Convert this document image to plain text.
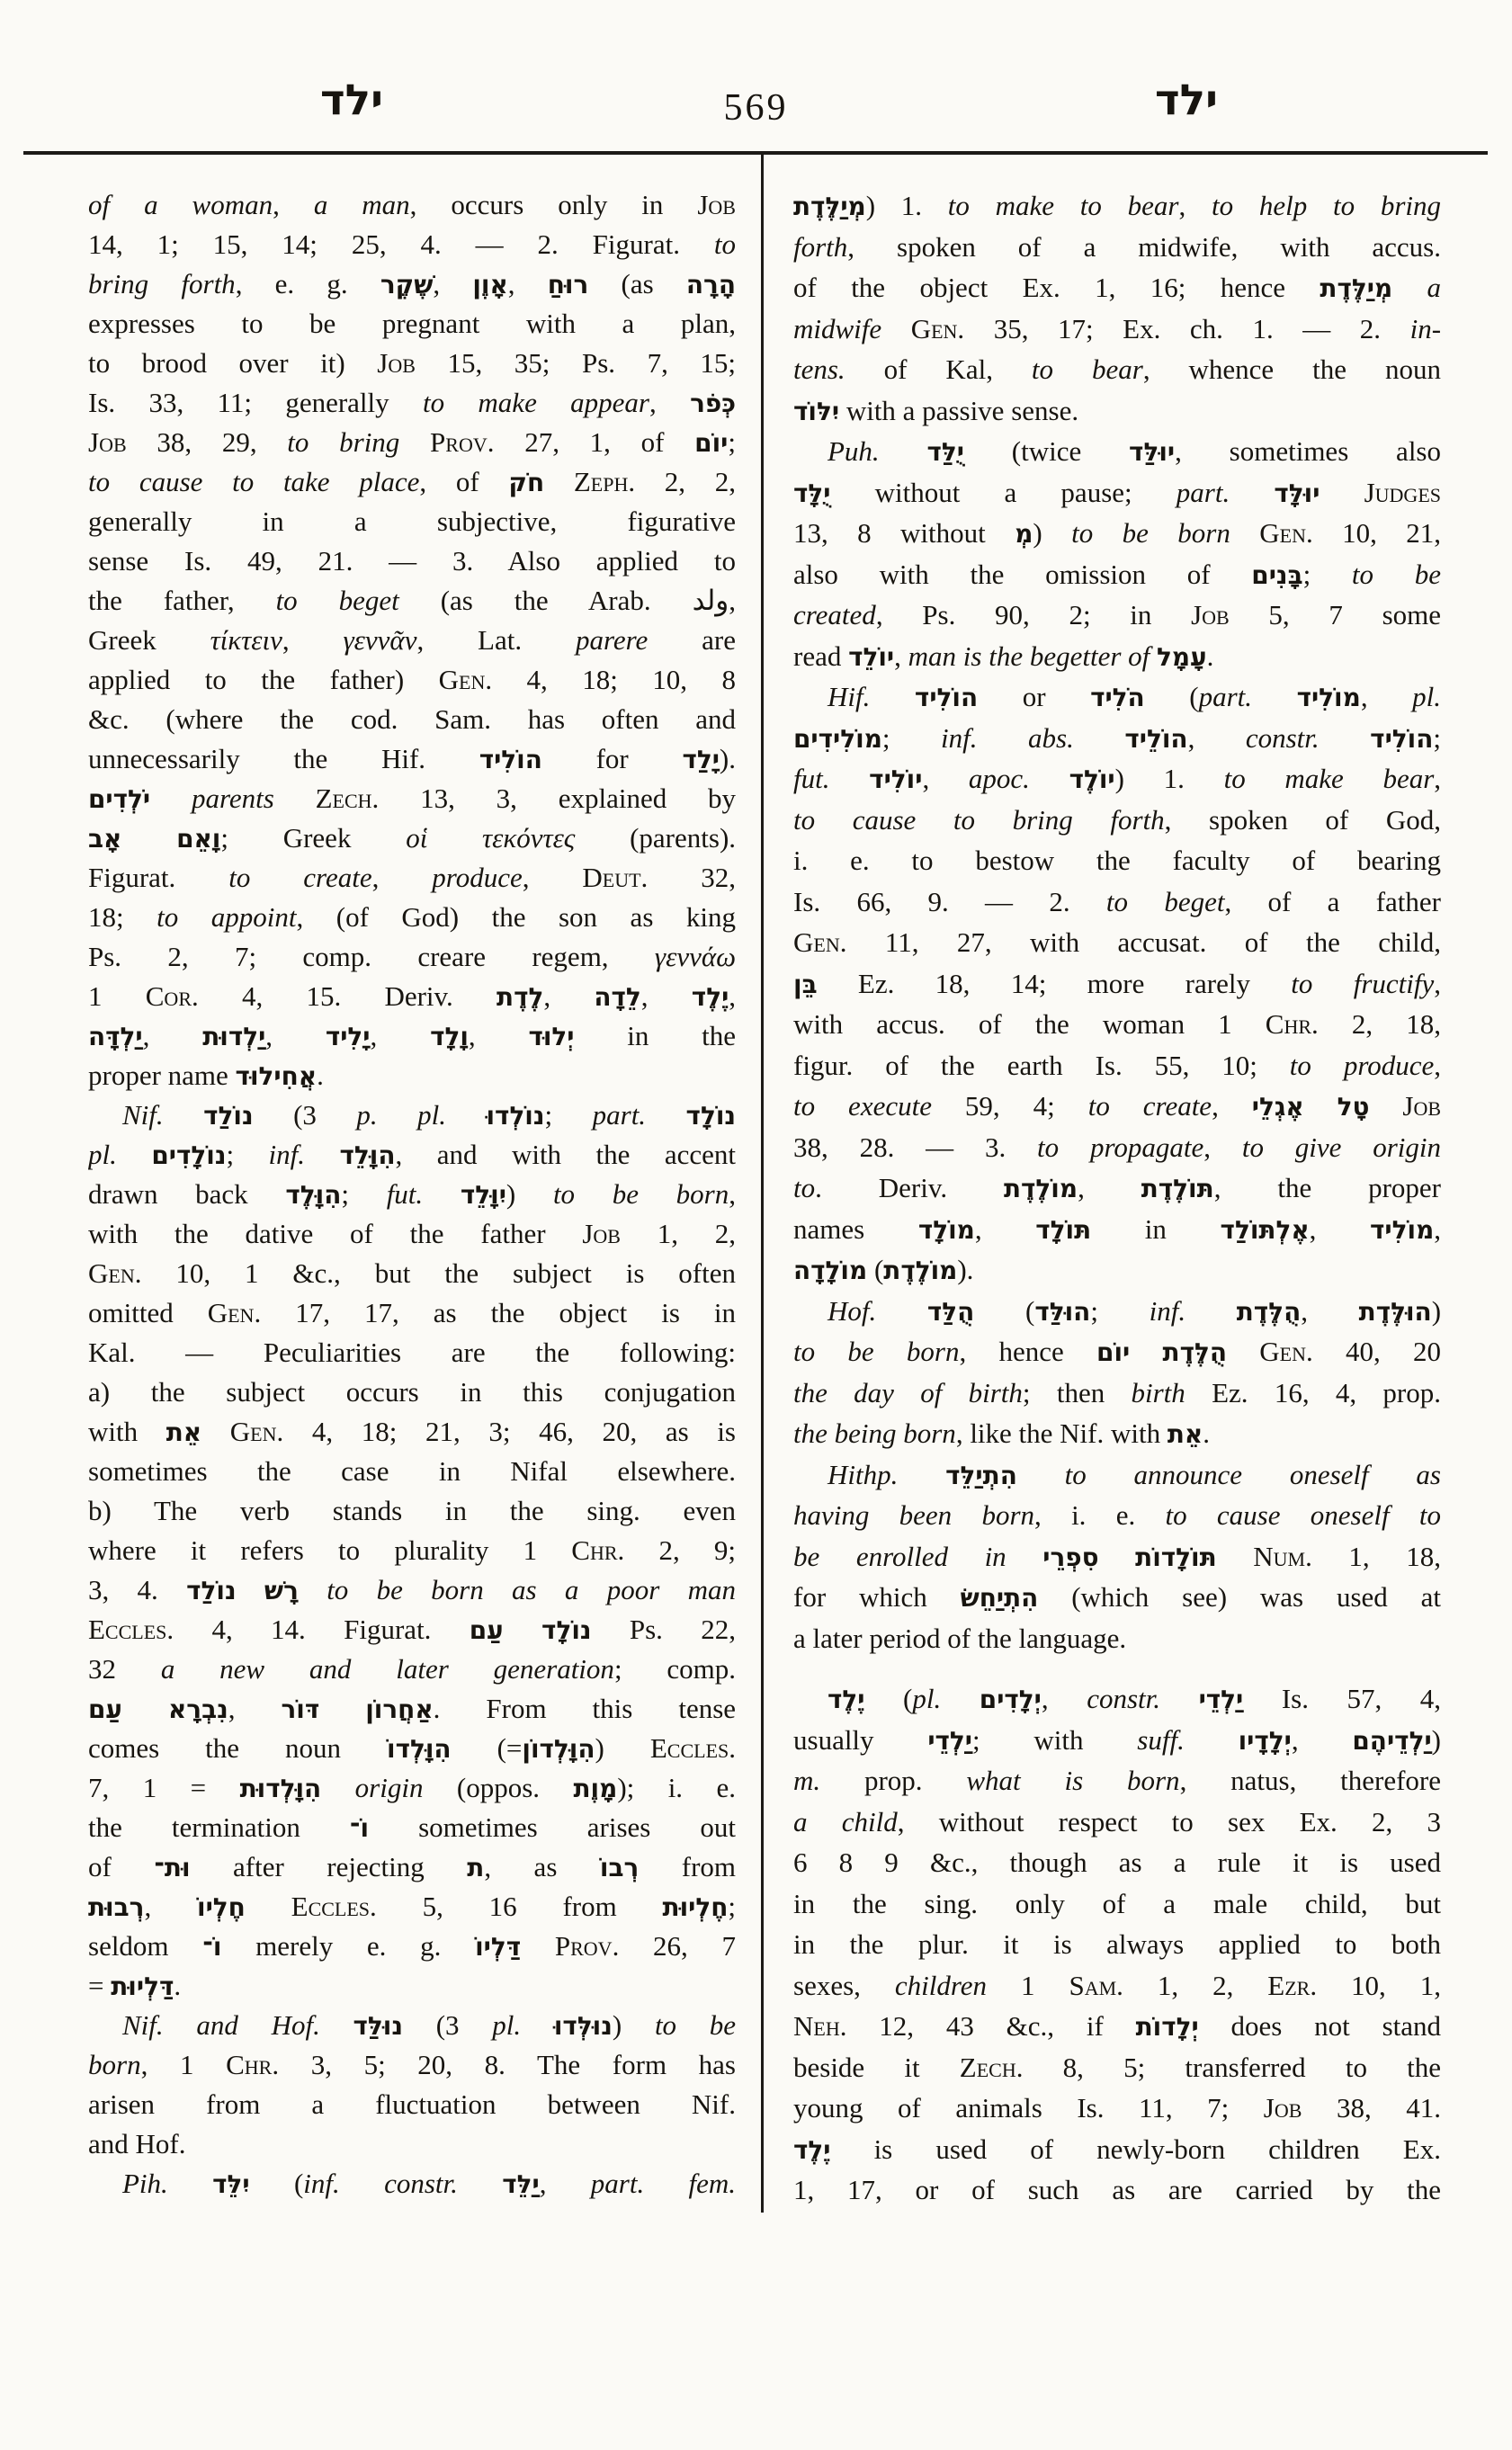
ילד	569	ילד
of a woman, a man, occurs only in Job
14, 1; 15, 14; 25, 4. — 2. Figurat. to
bring forth, e. g. שֶׁקֶר‎, אָוֶן‎, רוּחַ‎ (as הָרָה
expresses to be pregnant with a plan,
to brood over it) Job 15, 35; Ps. 7, 15;
Is. 33, 11; generally to make appear, כְּפֹר
Job 38, 29, to bring Prov. 27, 1, of יוֹם‎;
to cause to take place, of חֹק‎ Zeph. 2, 2,
generally in a subjective, figurative
sense Is. 49, 21. — 3. Also applied to
the father, to beget (as the Arab. ولد,
Greek τίκτειν, γεννᾶν, Lat. parere are
applied to the father) Gen. 4, 18; 10, 8
&c. (where the cod. Sam. has often and
unnecessarily the Hif. הוֹלִיד‎ for יָלַד‎).
יֹלְדִים‎ parents Zech. 13, 3, explained by
אָב‎ וָאֵם‎; Greek οἱ τεκόντες (parents).
Figurat. to create, produce, Deut. 32,
18; to appoint, (of God) the son as king
Ps. 2, 7; comp. creare regem, γεννάω
1 Cor. 4, 15. Deriv. לֶדֶת‎, לֵדָה‎, יֶלֶד‎,
יַלְדָּה‎, יַלְדוּת‎, יָלִיד‎, וָלָד‎, יְלוּד‎ in the
proper name אֲחִילוּד‎.
Nif. נוֹלַד‎ (3 p. pl. נוֹלְדוּ‎; part. נוֹלָד
pl. נוֹלָדִים‎; inf. הִוָּלֵד‎, and with the accent
drawn back הִוָּלֶד‎; fut. יִוָּלֵד‎) to be born,
with the dative of the father Job 1, 2,
Gen. 10, 1 &c., but the subject is often
omitted Gen. 17, 17, as the object is in
Kal. — Peculiarities are the following:
a) the subject occurs in this conjugation
with אֵת‎ Gen. 4, 18; 21, 3; 46, 20, as is
sometimes the case in Nifal elsewhere.
b) The verb stands in the sing. even
where it refers to plurality 1 Chr. 2, 9;
3, 4. נוֹלַד‎ רָשׁ‎ to be born as a poor man
Eccles. 4, 14. Figurat. עַם‎ נוֹלָד‎ Ps. 22,
32 a new and later generation; comp.
עַם‎ נִבְרָא‎, דּוֹר‎ אַחֲרוֹן‎. From this tense
comes the noun הִוָּלְדוֹ‎ (=הִוָּלְדוֹן‎) Eccles.
7, 1 = הִוָּלְדוּת‎ origin (oppos. מָוֶת‎); i. e.
the termination וֹ־‎ sometimes arises out
of וּת־‎ after rejecting ת‎, as רְבוֹ‎ from
רְבוּת‎, חֶלְיוֹ‎ Eccles. 5, 16 from חֶלְיוּת‎;
seldom וֹ־‎ merely e. g. דַּלְיוֹ‎ Prov. 26, 7
= דַּלְיוּת‎.
Nif. and Hof. נוּלַּד‎ (3 pl. נוּלְּדוּ‎) to be
born, 1 Chr. 3, 5; 20, 8. The form has
arisen from a fluctuation between Nif.
and Hof.
Pih. יִלֵּד‎ (inf. constr. יַלֵּד‎, part. fem.
מְיַלֶּדֶת‎) 1. to make to bear, to help to bring
forth, spoken of a midwife, with accus.
of the object Ex. 1, 16; hence מְיַלֶּדֶת‎ a
midwife Gen. 35, 17; Ex. ch. 1. — 2. in-
tens. of Kal, to bear, whence the noun
יִלּוֹד‎ with a passive sense.
Puh. יֻלַּד‎ (twice יוּלַּד‎, sometimes also
יֻלָּד‎ without a pause; part. יוּלָּד‎ Judges
13, 8 without מְ‎) to be born Gen. 10, 21,
also with the omission of בָּנִים‎; to be
created, Ps. 90, 2; in Job 5, 7 some
read יוֹלֵד‎, man is the begetter of עָמָל‎.
Hif. הוֹלִיד‎ or הֹלִיד‎ (part. מוֹלִיד‎, pl.
מוֹלִידִים‎; inf. abs. הוֹלֵיד‎, constr. הוֹלִיד‎;
fut. יוֹלִיד‎, apoc. יוֹלֶד‎) 1. to make bear,
to cause to bring forth, spoken of God,
i. e. to bestow the faculty of bearing
Is. 66, 9. — 2. to beget, of a father
Gen. 11, 27, with accusat. of the child,
בֵּן‎ Ez. 18, 14; more rarely to fructify,
with accus. of the woman 1 Chr. 2, 18,
figur. of the earth Is. 55, 10; to produce,
to execute 59, 4; to create, אֶגְלֵי‎ טָל‎ Job
38, 28. — 3. to propagate, to give origin
to. Deriv. מוֹלֶדֶת‎, תּוֹלֶדֶת‎, the proper
names מוֹלָד‎, תּוֹלָד‎ in אֶלְתּוֹלַד‎, מוֹלִיד‎,
מוֹלָדָה‎ (מוֹלֶדֶת‎).
Hof. הֻלַּד‎ (הוּלַּד‎; inf. הֻלֶּדֶת‎, הוּלֶּדֶת‎)
to be born, hence יוֹם‎ הֻלֶּדֶת‎ Gen. 40, 20
the day of birth; then birth Ez. 16, 4, prop.
the being born, like the Nif. with אֵת‎.
Hithp. הִתְיַלֵּד‎ to announce oneself as
having been born, i. e. to cause oneself to
be enrolled in סִפְרֵי‎ תּוֹלָדוֹת‎ Num. 1, 18,
for which הִתְיַחֵשׂ‎ (which see) was used at
a later period of the language.
יֶלֶד‎ (pl. יְלָדִים‎, constr. יַלְדֵי‎ Is. 57, 4,
usually יַלְדֵי‎; with suff. יְלָדָיו‎, יַלְדֵיהֶם‎)
m. prop. what is born, natus, therefore
a child, without respect to sex Ex. 2, 3
6 8 9 &c., though as a rule it is used
in the sing. only of a male child, but
in the plur. it is always applied to both
sexes, children 1 Sam. 1, 2, Ezr. 10, 1,
Neh. 12, 43 &c., if יְלָדוֹת‎ does not stand
beside it Zech. 8, 5; transferred to the
young of animals Is. 11, 7; Job 38, 41.
יֶלֶד‎ is used of newly-born children Ex.
1, 17, or of such as are carried by the
